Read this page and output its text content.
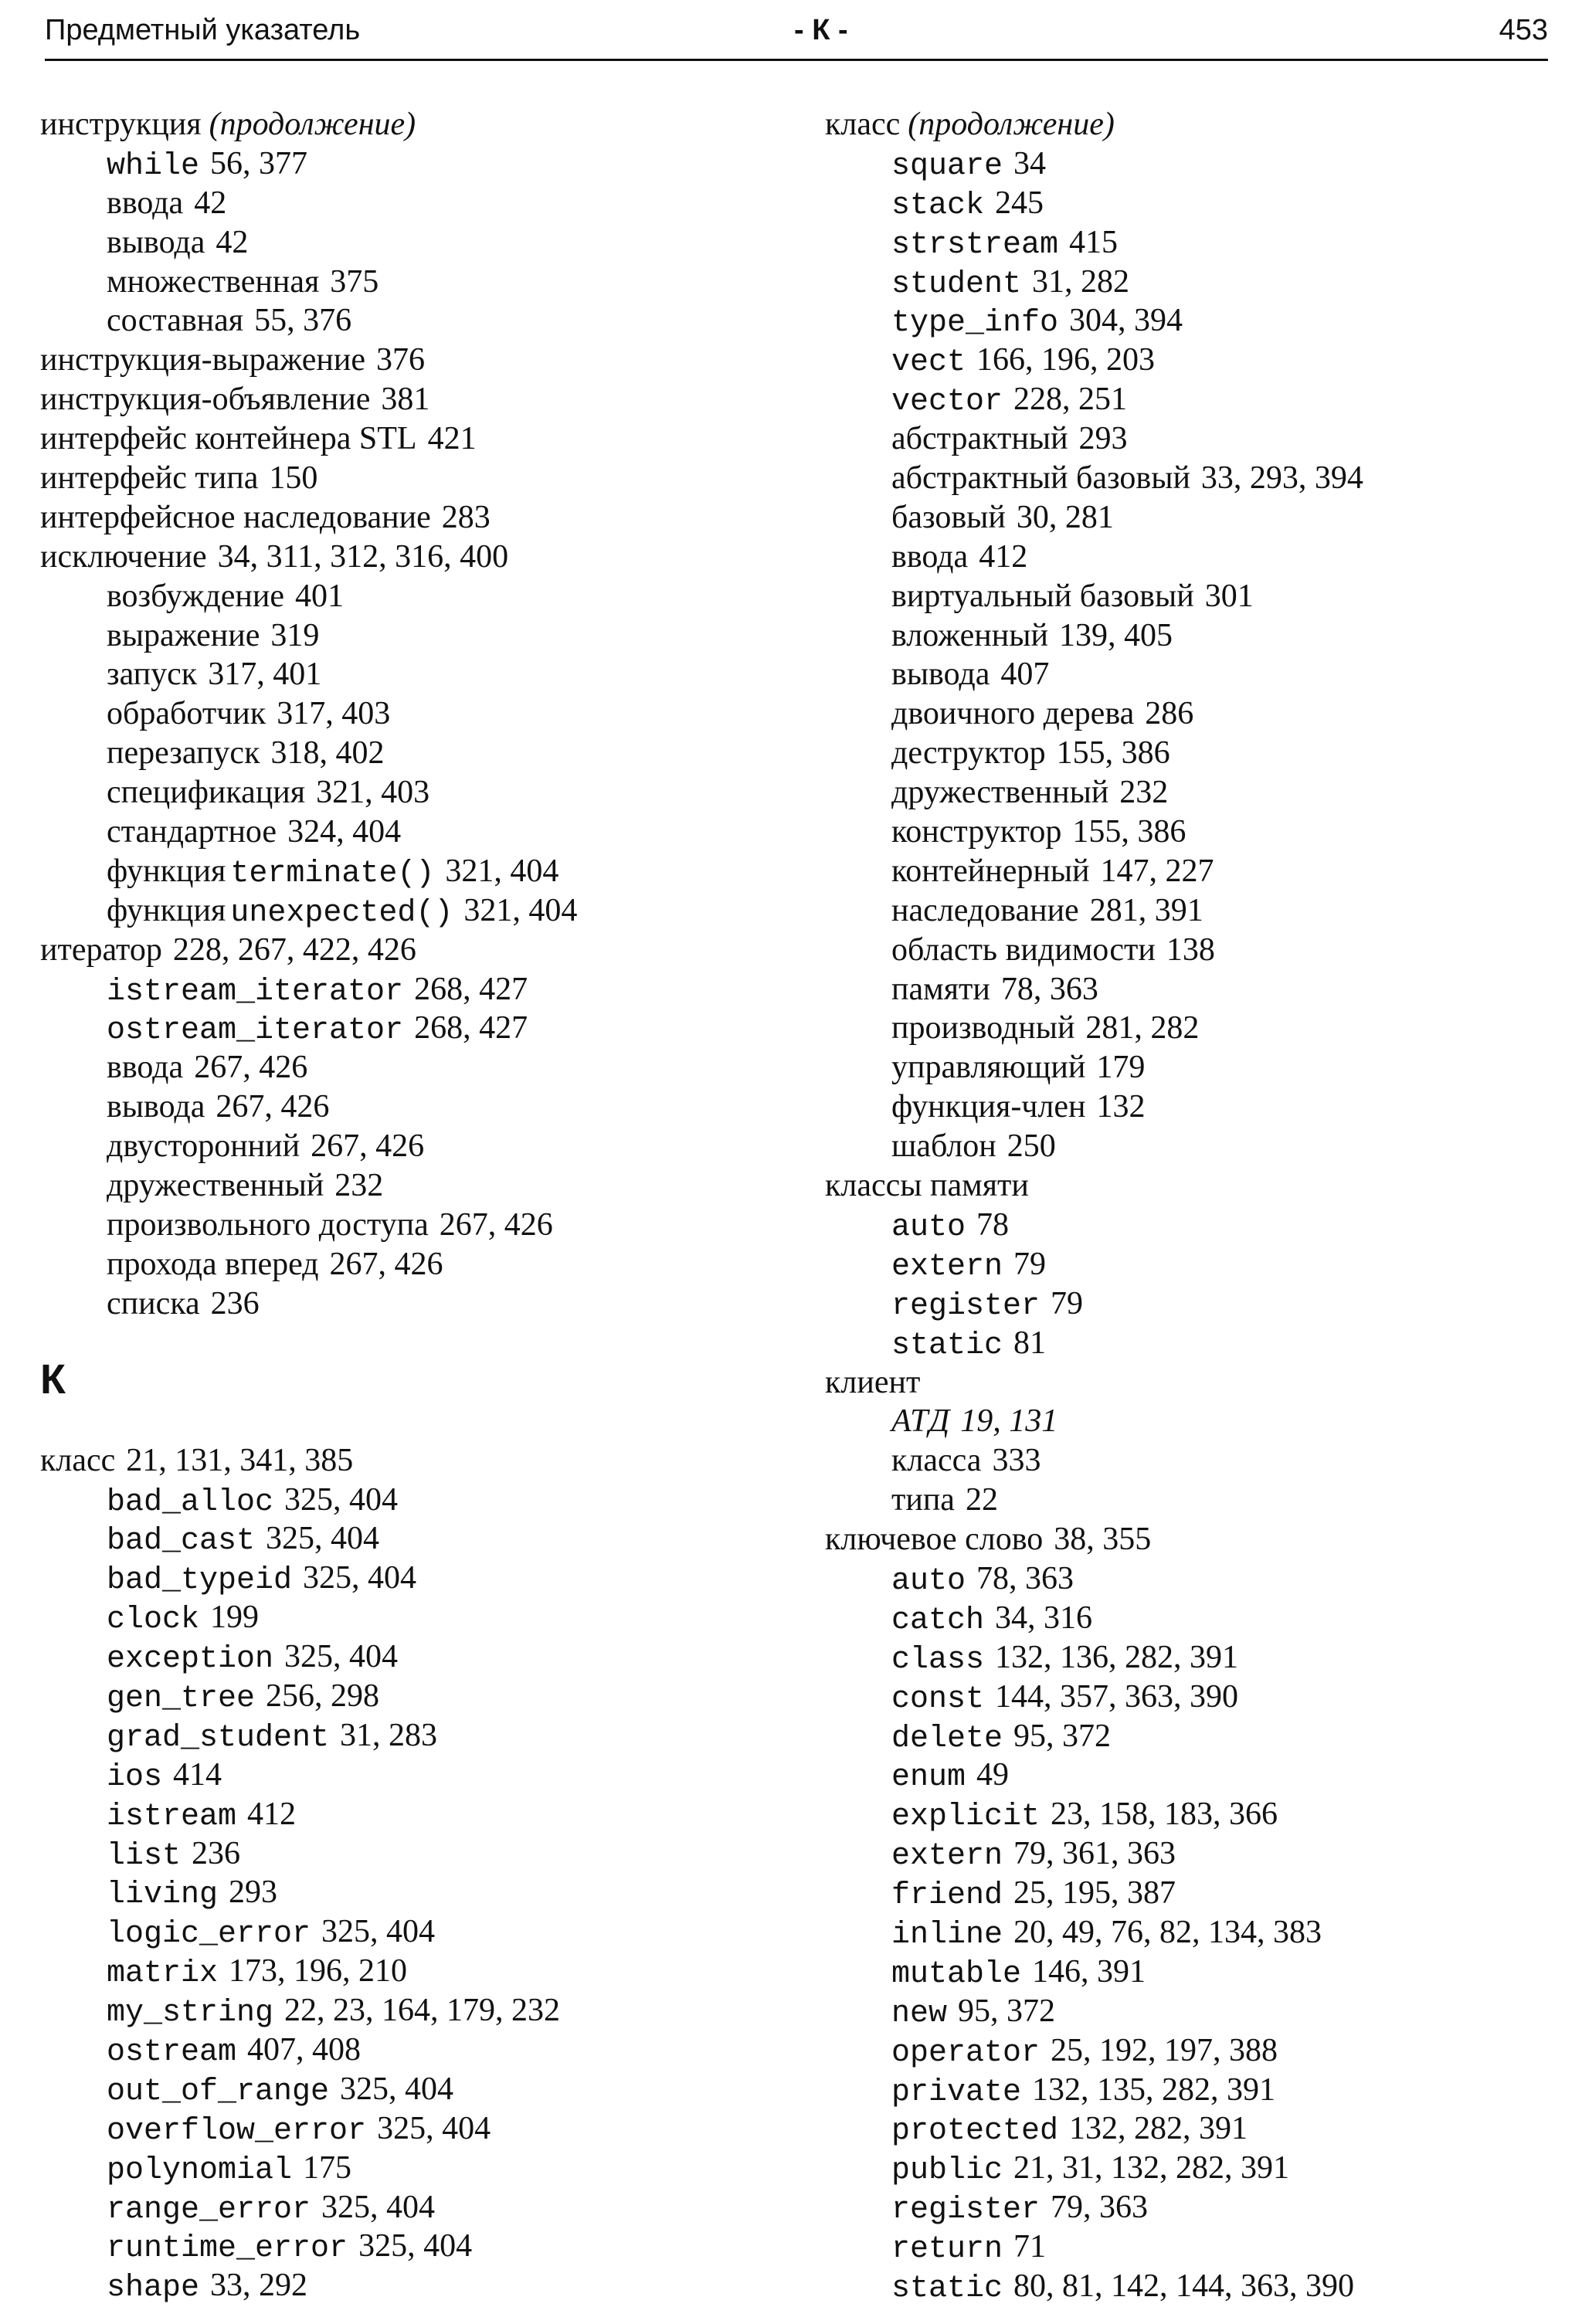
Предметный указатель	- К -	453
инструкция (продолжение)
while 56, 377
ввода 42
вывода 42
множественная 375
составная 55, 376
инструкция-выражение 376
инструкция-объявление 381
интерфейс контейнера STL 421
интерфейс типа 150
интерфейсное наследование 283
исключение 34, 311, 312, 316, 400
возбуждение 401
выражение 319
запуск 317, 401
обработчик 317, 403
перезапуск 318, 402
спецификация 321, 403
стандартное 324, 404
функция terminate() 321, 404
функция unexpected() 321, 404
итератор 228, 267, 422, 426
istream_iterator 268, 427
ostream_iterator 268, 427
ввода 267, 426
вывода 267, 426
двусторонний 267, 426
дружественный 232
произвольного доступа 267, 426
прохода вперед 267, 426
списка 236
К
класс 21, 131, 341, 385
bad_alloc 325, 404
bad_cast 325, 404
bad_typeid 325, 404
clock 199
exception 325, 404
gen_tree 256, 298
grad_student 31, 283
ios 414
istream 412
list 236
living 293
logic_error 325, 404
matrix 173, 196, 210
my_string 22, 23, 164, 179, 232
ostream 407, 408
out_of_range 325, 404
overflow_error 325, 404
polynomial 175
range_error 325, 404
runtime_error 325, 404
shape 33, 292
класс (продолжение)
square 34
stack 245
strstream 415
student 31, 282
type_info 304, 394
vect 166, 196, 203
vector 228, 251
абстрактный 293
абстрактный базовый 33, 293, 394
базовый 30, 281
ввода 412
виртуальный базовый 301
вложенный 139, 405
вывода 407
двоичного дерева 286
деструктор 155, 386
дружественный 232
конструктор 155, 386
контейнерный 147, 227
наследование 281, 391
область видимости 138
памяти 78, 363
производный 281, 282
управляющий 179
функция-член 132
шаблон 250
классы памяти
auto 78
extern 79
register 79
static 81
клиент
АТД 19, 131
класса 333
типа 22
ключевое слово 38, 355
auto 78, 363
catch 34, 316
class 132, 136, 282, 391
const 144, 357, 363, 390
delete 95, 372
enum 49
explicit 23, 158, 183, 366
extern 79, 361, 363
friend 25, 195, 387
inline 20, 49, 76, 82, 134, 383
mutable 146, 391
new 95, 372
operator 25, 192, 197, 388
private 132, 135, 282, 391
protected 132, 282, 391
public 21, 31, 132, 282, 391
register 79, 363
return 71
static 80, 81, 142, 144, 363, 390
